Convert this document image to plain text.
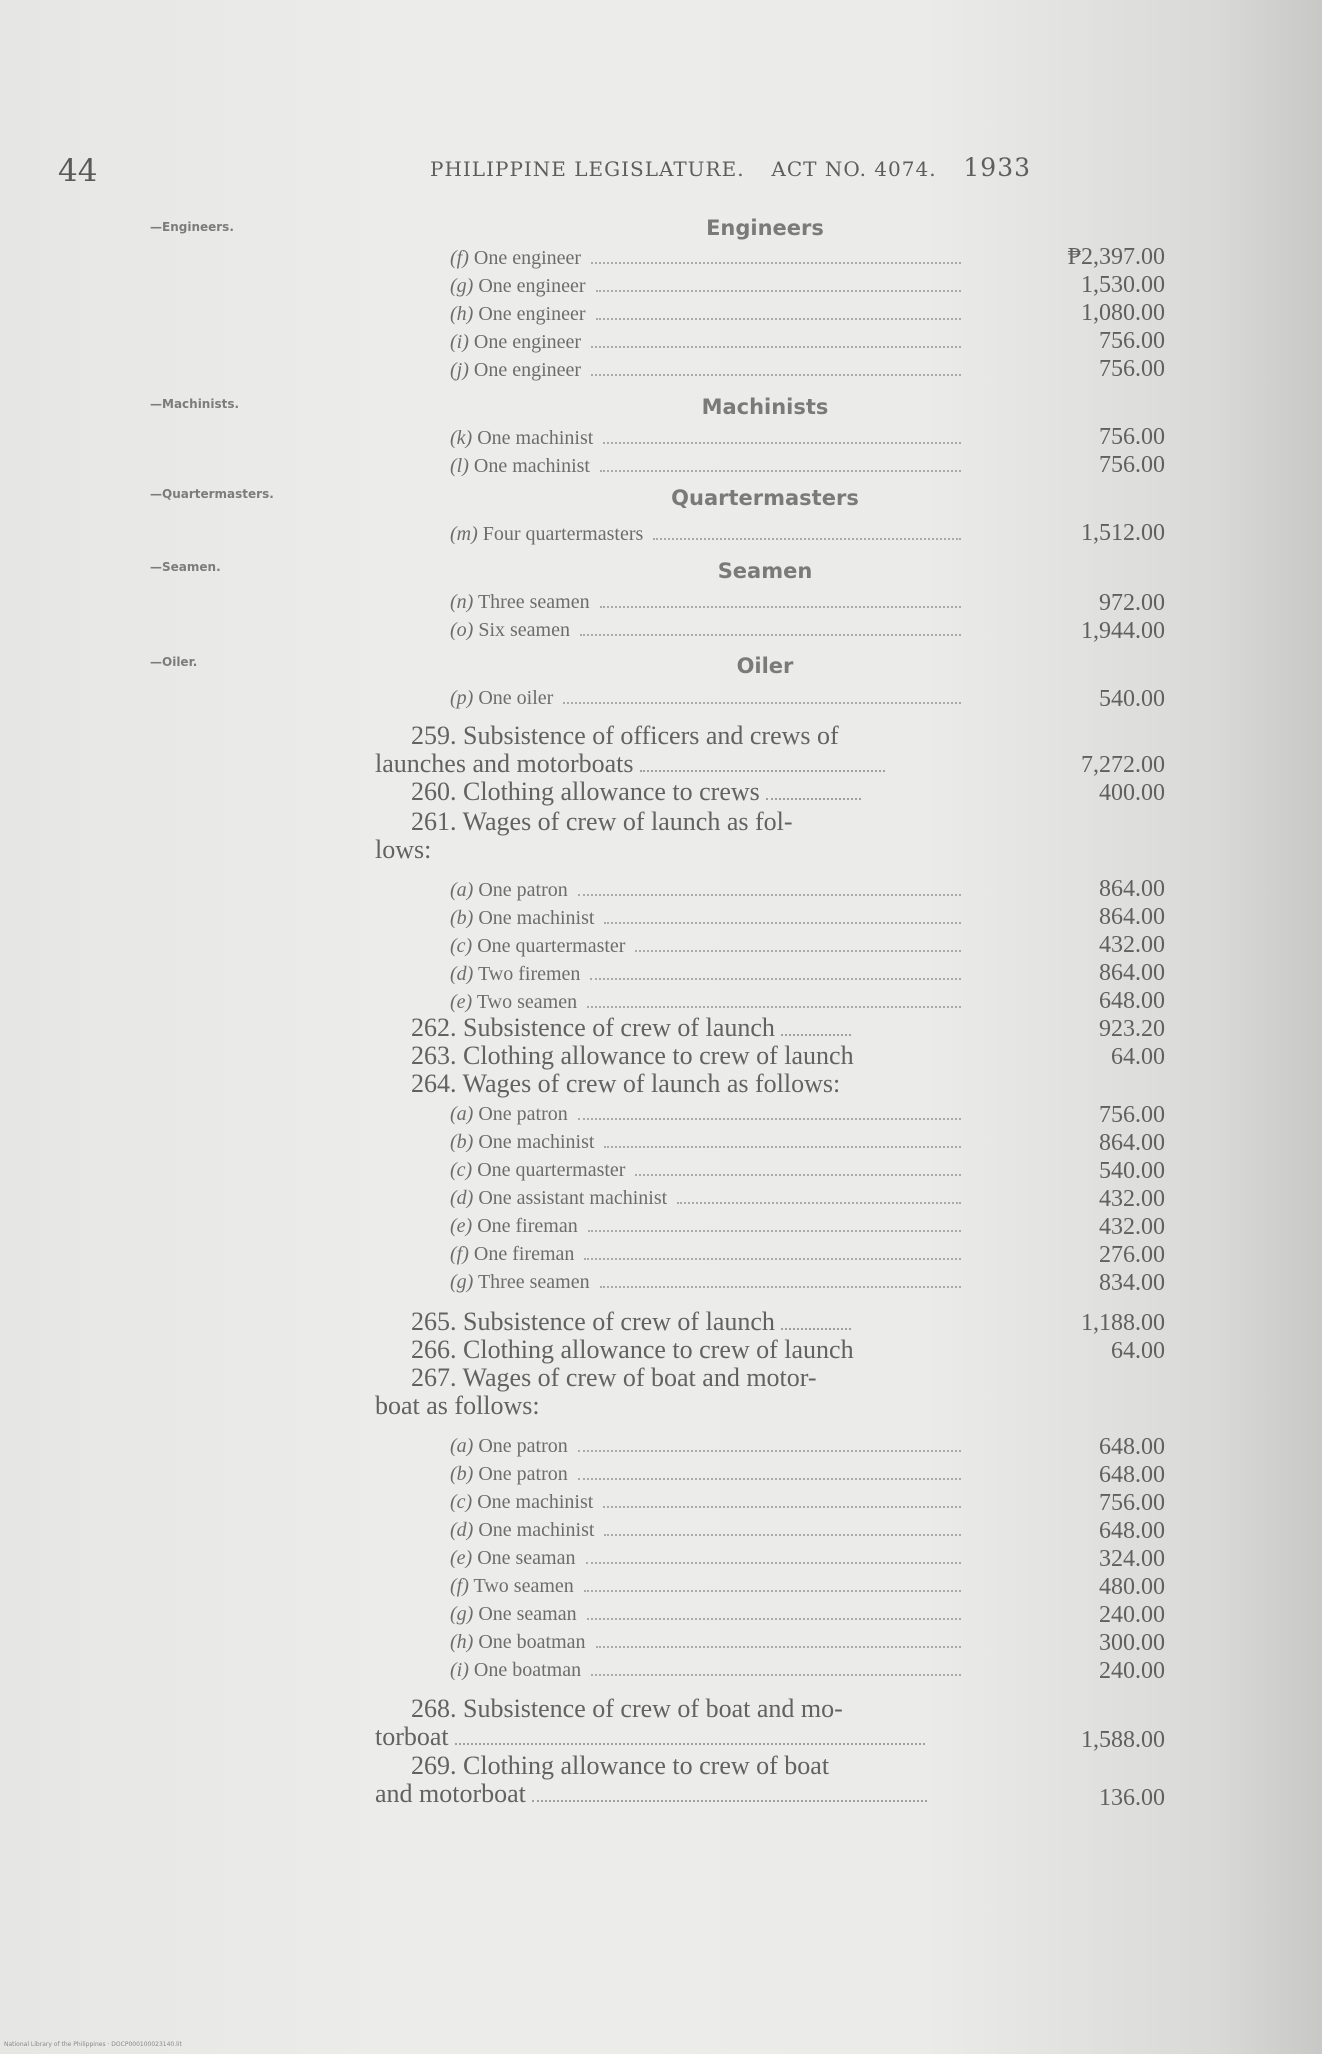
44	PHILIPPINE LEGISLATURE. ACT NO. 4074. 1933
—Engineers.
—Machinists.
—Quartermasters.
—Seamen.
—Oiler.
Engineers
Machinists
Quartermasters
Seamen
Oiler
(f) One engineer	₱2,397.00
(g) One engineer	1,530.00
(h) One engineer	1,080.00
(i) One engineer	756.00
(j) One engineer	756.00
(k) One machinist	756.00
(l) One machinist	756.00
(m) Four quartermasters	1,512.00
(n) Three seamen	972.00
(o) Six seamen	1,944.00
(p) One oiler	540.00
259. Subsistence of officers and crews of
launches and motorboats	7,272.00
260. Clothing allowance to crews	400.00
261. Wages of crew of launch as fol-
lows:
(a) One patron	864.00
(b) One machinist	864.00
(c) One quartermaster	432.00
(d) Two firemen	864.00
(e) Two seamen	648.00
262. Subsistence of crew of launch	923.20
263. Clothing allowance to crew of launch	64.00
264. Wages of crew of launch as follows:
(a) One patron	756.00
(b) One machinist	864.00
(c) One quartermaster	540.00
(d) One assistant machinist	432.00
(e) One fireman	432.00
(f) One fireman	276.00
(g) Three seamen	834.00
265. Subsistence of crew of launch	1,188.00
266. Clothing allowance to crew of launch	64.00
267. Wages of crew of boat and motor-
boat as follows:
(a) One patron	648.00
(b) One patron	648.00
(c) One machinist	756.00
(d) One machinist	648.00
(e) One seaman	324.00
(f) Two seamen	480.00
(g) One seaman	240.00
(h) One boatman	300.00
(i) One boatman	240.00
268. Subsistence of crew of boat and mo-
torboat	1,588.00
269. Clothing allowance to crew of boat
and motorboat	136.00
National Library of the Philippines · DOCP000100023140.lit
